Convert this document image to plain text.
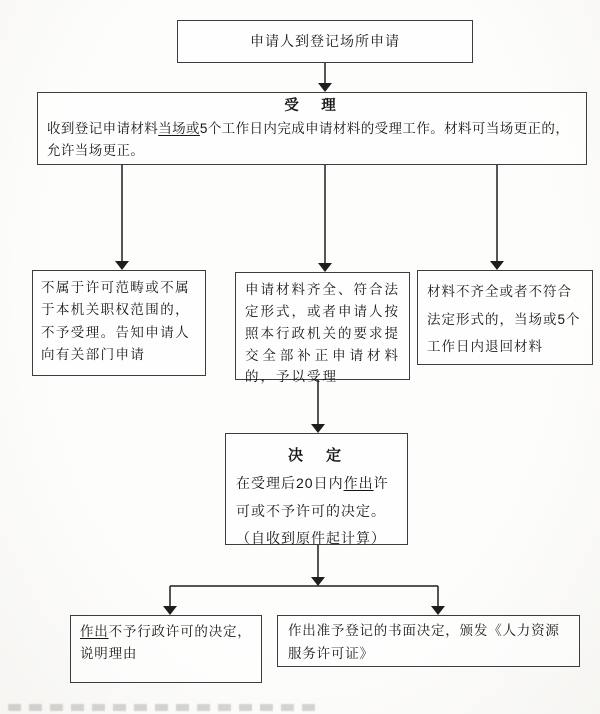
申请人到登记场所申请
受　理
收到登记申请材料当场或5个工作日内完成申请材料的受理工作。材料可当场更正的，允许当场更正。
不属于许可范畴或不属于本机关职权范围的，不予受理。告知申请人向有关部门申请
申请材料齐全、符合法定形式，或者申请人按照本行政机关的要求提交全部补正申请材料的，予以受理
材料不齐全或者不符合法定形式的，当场或5个工作日内退回材料
决　定
在受理后20日内作出许可或不予许可的决定。（自收到原件起计算）
作出不予行政许可的决定，说明理由
作出准予登记的书面决定，颁发《人力资源服务许可证》
